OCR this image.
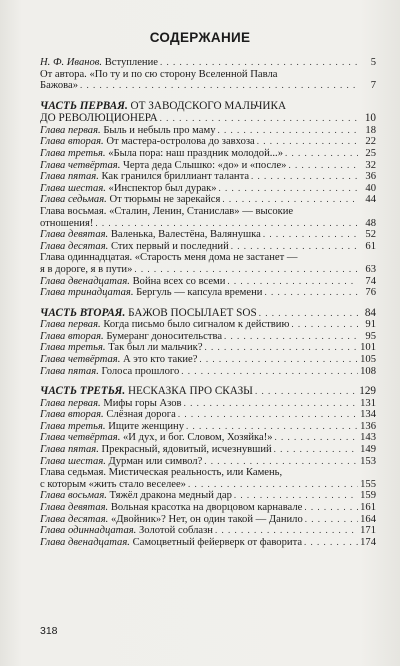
СОДЕРЖАНИЕ
Н. Ф. Иванов. Вступление . . .	5
От автора. «По ту и по сю сторону Вселенной Павла
Бажова» . . .	7
ЧАСТЬ ПЕРВАЯ. ОТ ЗАВОДСКОГО МАЛЬЧИКА
ДО РЕВОЛЮЦИОНЕРА . . .	10
Глава первая. Быль и небыль про маму . . .	18
Глава вторая. От мастера-остролова до завхоза . . .	22
Глава третья. «Была пора: наш праздник молодой...» . . .	25
Глава четвёртая. Черта деда Слышко: «до» и «после» . . .	32
Глава пятая. Как гранился бриллиант таланта . . .	36
Глава шестая. «Инспектор был дурак» . . .	40
Глава седьмая. От тюрьмы не зарекайся . . .	44
Глава восьмая. «Сталин, Ленин, Станислав» — высокие
отношения! . . .	48
Глава девятая. Валенька, Валестёна, Валянушка . . .	52
Глава десятая. Стих первый и последний . . .	61
Глава одиннадцатая. «Старость меня дома не застанет —
я в дороге, я в пути» . . .	63
Глава двенадцатая. Война всех со всеми . . .	74
Глава тринадцатая. Бергуль — капсула времени . . .	76
ЧАСТЬ ВТОРАЯ. БАЖОВ ПОСЫЛАЕТ SOS . . .	84
Глава первая. Когда письмо было сигналом к действию . . .	91
Глава вторая. Бумеранг доносительства . . .	95
Глава третья. Так был ли мальчик? . . .	101
Глава четвёртая. А это кто такие? . . .	105
Глава пятая. Голоса прошлого . . .	108
ЧАСТЬ ТРЕТЬЯ. НЕСКАЗКА ПРО СКАЗЫ . . .	129
Глава первая. Мифы горы Азов . . .	131
Глава вторая. Слёзная дорога . . .	134
Глава третья. Ищите женщину . . .	136
Глава четвёртая. «И дух, и бог. Словом, Хозяйка!» . . .	143
Глава пятая. Прекрасный, ядовитый, исчезнувший . . .	149
Глава шестая. Дурман или символ? . . .	153
Глава седьмая. Мистическая реальность, или Камень,
с которым «жить стало веселее» . . .	155
Глава восьмая. Тяжёл дракона медный дар . . .	159
Глава девятая. Вольная красотка на дворцовом карнавале . . .	161
Глава десятая. «Двойник»? Нет, он один такой — Данило . . .	164
Глава одиннадцатая. Золотой соблазн . . .	171
Глава двенадцатая. Самоцветный фейерверк от фаворита . . .	174
318
